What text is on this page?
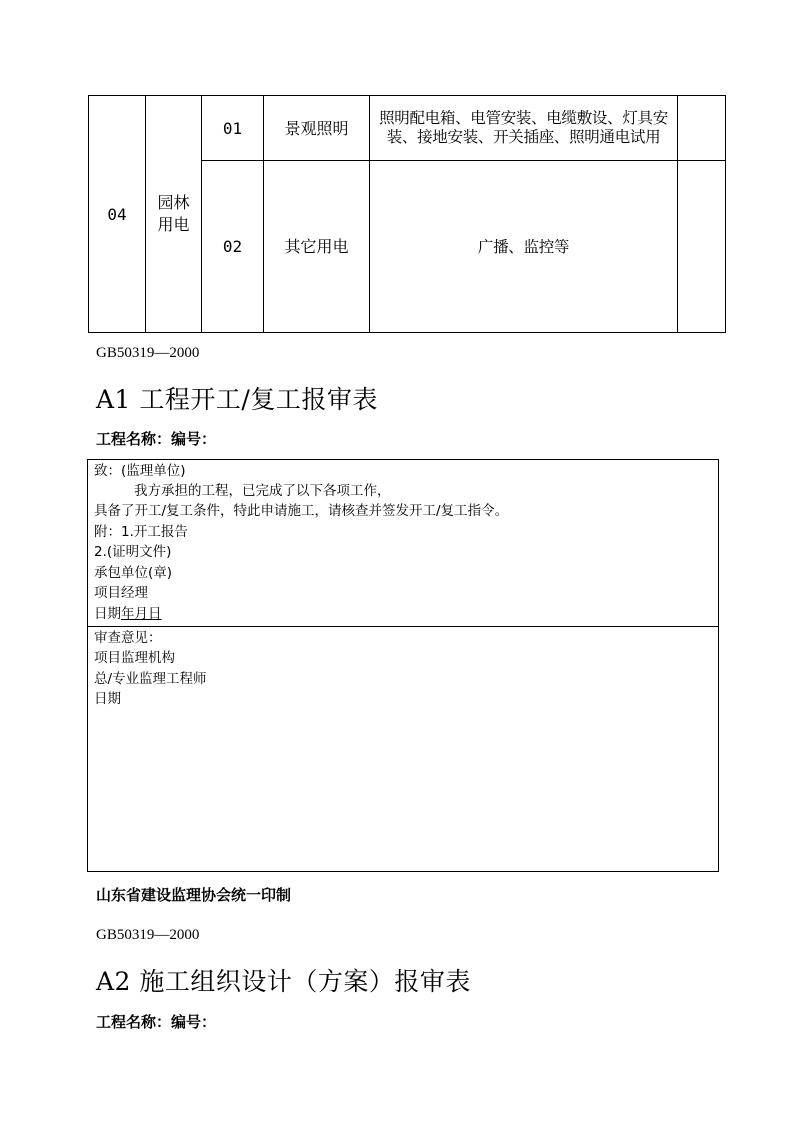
04	园林用电	01	景观照明	照明配电箱、电管安装、电缆敷设、灯具安装、接地安装、开关插座、照明通电试用	

		02	其它用电	广播、监控等	
GB50319—2000
A1 工程开工/复工报审表
工程名称：编号：
致：(监理单位)
我方承担的工程，已完成了以下各项工作，
具备了开工/复工条件，特此申请施工，请核查并签发开工/复工指令。
附：1.开工报告
2.(证明文件)
承包单位(章)
项目经理
日期年月日
审查意见：
项目监理机构
总/专业监理工程师
日期
山东省建设监理协会统一印制
GB50319—2000
A2 施工组织设计（方案）报审表
工程名称：编号：
